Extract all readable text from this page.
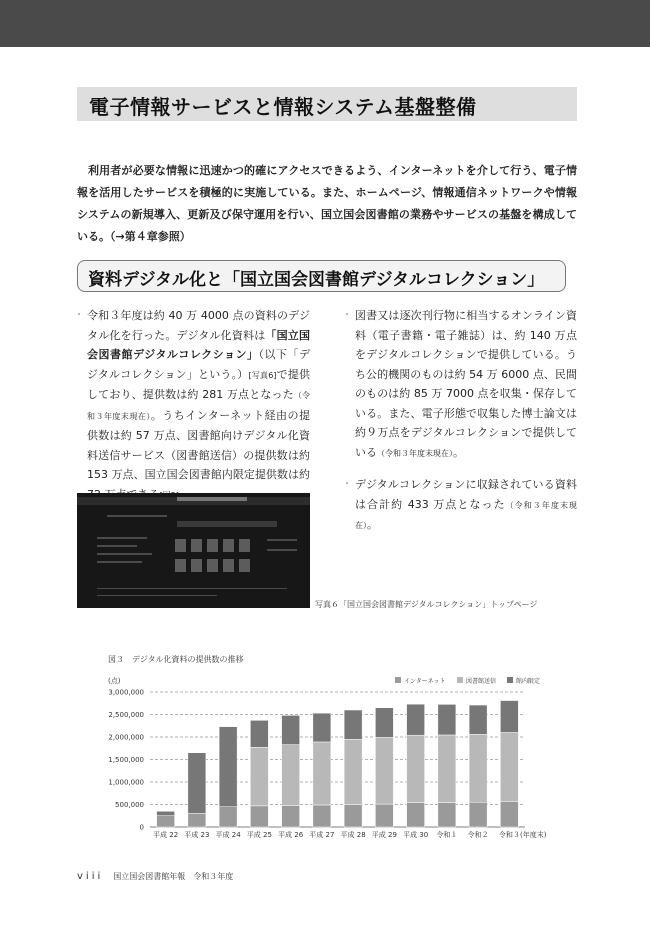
電子情報サービスと情報システム基盤整備

利用者が必要な情報に迅速かつ的確にアクセスできるよう、インターネットを介して行う、電子情報を活用したサービスを積極的に実施している。また、ホームページ、情報通信ネットワークや情報システムの新規導入、更新及び保守運用を行い、国立国会図書館の業務やサービスの基盤を構成している。（→第４章参照）

資料デジタル化と「国立国会図書館デジタルコレクション」

・ 令和３年度は約 40 万 4000 点の資料のデジタル化を行った。デジタル化資料は「国立国会図書館デジタルコレクション」（以下「デジタルコレクション」という。）[写真6]で提供しており、提供数は約 281 万点となった（令和３年度末現在）。うちインターネット経由の提供数は約 57 万点、図書館向けデジタル化資料送信サービス（図書館送信）の提供数は約 153 万点、国立国会図書館内限定提供数は約

・ 図書又は逐次刊行物に相当するオンライン資料（電子書籍・電子雑誌）は、約 140 万点をデジタルコレクションで提供している。うち公的機関のものは約 54 万 6000 点、民間のものは約 85 万 7000 点を収集・保存している。また、電子形態で収集した博士論文は約９万点をデジタルコレクションで提供している（令和３年度末現在）。

・ デジタルコレクションに収録されている資料は合計約 433 万点となった（令和３年度末現在）。

写真６「国立国会図書館デジタルコレクション」トップページ
図３　デジタル化資料の提供数の推移
(点)
(年度末)
0
500,000
1,000,000
1,500,000
2,000,000
2,500,000
3,000,000
平成 22 平成 23 平成 24 平成 25 平成 26 平成 27 平成 28 平成 29 平成 30 令和１ 令和２ 令和３
インターネット	図書館送信	館内限定
viii 国立国会図書館年報　令和３年度
